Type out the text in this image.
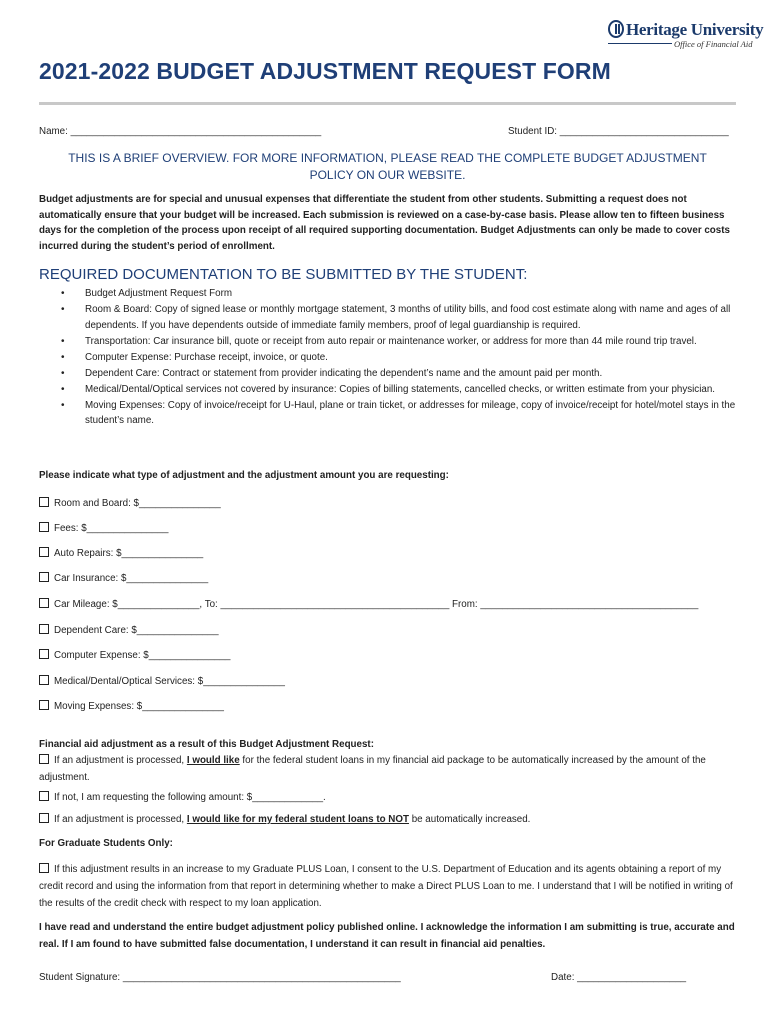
Heritage University
Office of Financial Aid
2021-2022 BUDGET ADJUSTMENT REQUEST FORM
Name: ______________________________________________	Student ID: _______________________________
THIS IS A BRIEF OVERVIEW. FOR MORE INFORMATION, PLEASE READ THE COMPLETE BUDGET ADJUSTMENT
POLICY ON OUR WEBSITE.
Budget adjustments are for special and unusual expenses that differentiate the student from other students. Submitting a request does not automatically ensure that your budget will be increased. Each submission is reviewed on a case-by-case basis. Please allow ten to fifteen business days for the completion of the process upon receipt of all required supporting documentation. Budget Adjustments can only be made to cover costs incurred during the student’s period of enrollment.
REQUIRED DOCUMENTATION TO BE SUBMITTED BY THE STUDENT:
• Budget Adjustment Request Form
• Room & Board: Copy of signed lease or monthly mortgage statement, 3 months of utility bills, and food cost estimate along with name and ages of all dependents. If you have dependents outside of immediate family members, proof of legal guardianship is required.
• Transportation: Car insurance bill, quote or receipt from auto repair or maintenance worker, or address for more than 44 mile round trip travel.
• Computer Expense: Purchase receipt, invoice, or quote.
• Dependent Care: Contract or statement from provider indicating the dependent’s name and the amount paid per month.
• Medical/Dental/Optical services not covered by insurance: Copies of billing statements, cancelled checks, or written estimate from your physician.
• Moving Expenses: Copy of invoice/receipt for U-Haul, plane or train ticket, or addresses for mileage, copy of invoice/receipt for hotel/motel stays in the student’s name.
Please indicate what type of adjustment and the adjustment amount you are requesting:
Room and Board: $_______________
Fees: $_______________
Auto Repairs: $_______________
Car Insurance: $_______________
Car Mileage: $_______________, To: __________________________________________ From: ________________________________________
Dependent Care: $_______________
Computer Expense: $_______________
Medical/Dental/Optical Services: $_______________
Moving Expenses: $_______________
Financial aid adjustment as a result of this Budget Adjustment Request:
If an adjustment is processed, I would like for the federal student loans in my financial aid package to be automatically increased by the amount of the adjustment.
If not, I am requesting the following amount: $_____________.
If an adjustment is processed, I would like for my federal student loans to NOT be automatically increased.
For Graduate Students Only:
If this adjustment results in an increase to my Graduate PLUS Loan, I consent to the U.S. Department of Education and its agents obtaining a report of my credit record and using the information from that report in determining whether to make a Direct PLUS Loan to me. I understand that I will be notified in writing of the results of the credit check with respect to my loan application.
I have read and understand the entire budget adjustment policy published online. I acknowledge the information I am submitting is true, accurate and real. If I am found to have submitted false documentation, I understand it can result in financial aid penalties.
Student Signature: ___________________________________________________	Date: ____________________
